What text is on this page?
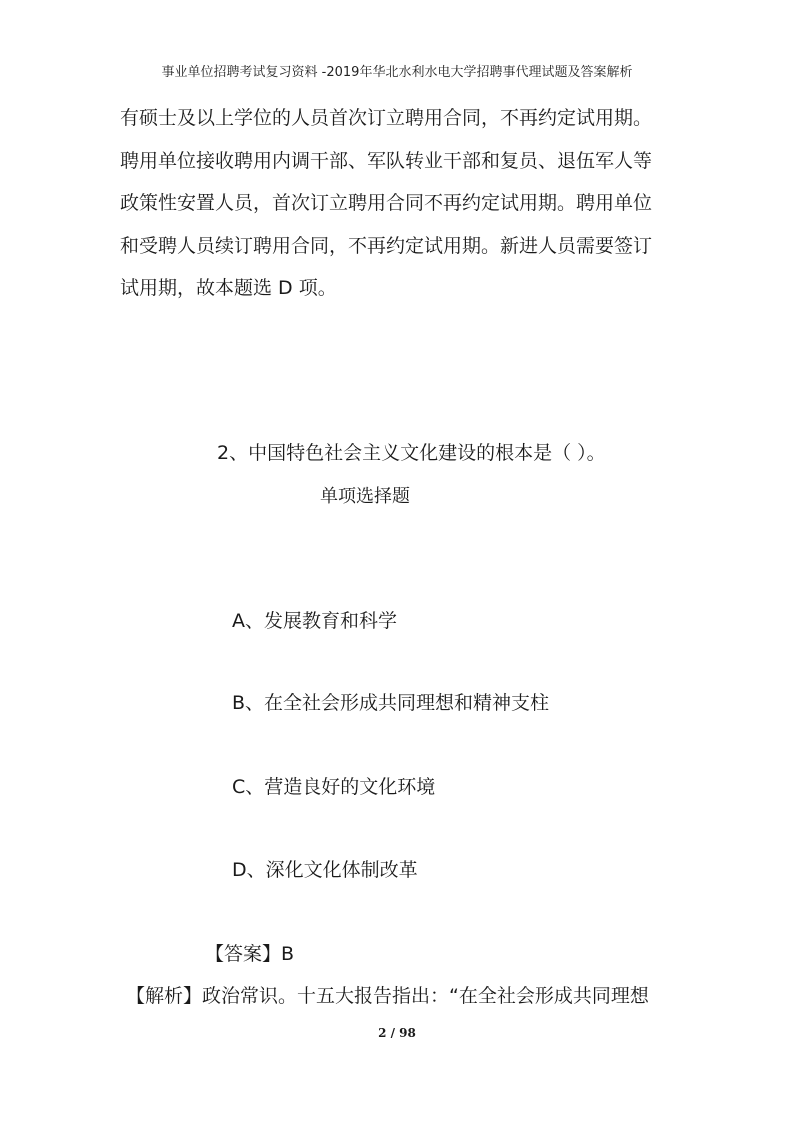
事业单位招聘考试复习资料 -2019年华北水利水电大学招聘事代理试题及答案解析
有硕士及以上学位的人员首次订立聘用合同，不再约定试用期。
聘用单位接收聘用内调干部、军队转业干部和复员、退伍军人等
政策性安置人员，首次订立聘用合同不再约定试用期。聘用单位
和受聘人员续订聘用合同，不再约定试用期。新进人员需要签订
试用期，故本题选 D 项。
2、中国特色社会主义文化建设的根本是（ ）。
单项选择题
A、发展教育和科学
B、在全社会形成共同理想和精神支柱
C、营造良好的文化环境
D、深化文化体制改革
【答案】B
【解析】政治常识。十五大报告指出：“在全社会形成共同理想
2 / 98
